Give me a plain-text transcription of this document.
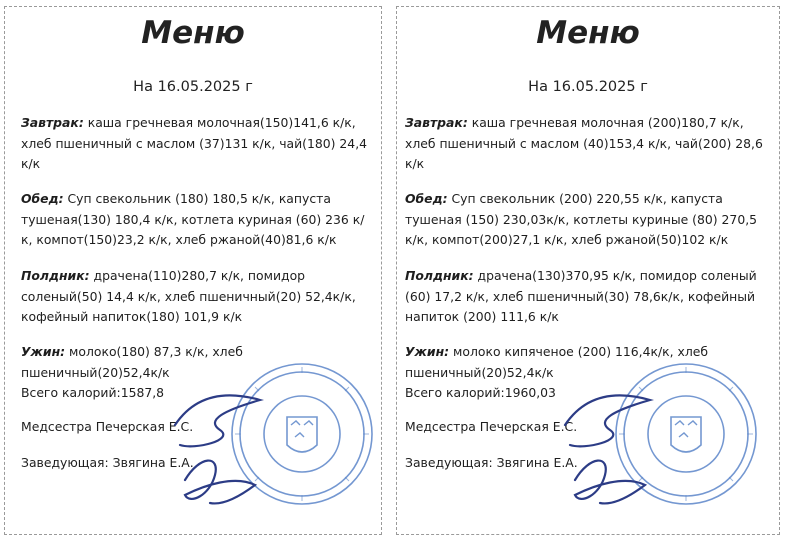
Меню
На 16.05.2025 г
Завтрак: каша гречневая молочная(150)141,6 к/к, хлеб пшеничный с маслом (37)131 к/к, чай(180) 24,4 к/к
Обед: Суп свекольник (180) 180,5 к/к, капуста тушеная(130) 180,4 к/к, котлета куриная (60) 236 к/к, компот(150)23,2 к/к, хлеб ржаной(40)81,6 к/к
Полдник: драчена(110)280,7 к/к, помидор соленый(50) 14,4 к/к, хлеб пшеничный(20) 52,4к/к, кофейный напиток(180) 101,9 к/к
Ужин: молоко(180) 87,3 к/к, хлеб пшеничный(20)52,4к/к
Всего калорий:1587,8
Медсестра Печерская Е.С.
Заведующая: Звягина Е.А.
Меню
На 16.05.2025 г
Завтрак: каша гречневая молочная (200)180,7 к/к, хлеб пшеничный с маслом (40)153,4 к/к, чай(200) 28,6 к/к
Обед: Суп свекольник (200) 220,55 к/к, капуста тушеная (150) 230,03к/к, котлеты куриные (80) 270,5 к/к, компот(200)27,1 к/к, хлеб ржаной(50)102 к/к
Полдник: драчена(130)370,95 к/к, помидор соленый (60) 17,2 к/к, хлеб пшеничный(30) 78,6к/к, кофейный напиток (200) 111,6 к/к
Ужин: молоко кипяченое (200) 116,4к/к, хлеб пшеничный(20)52,4к/к
Всего калорий:1960,03
Медсестра Печерская Е.С.
Заведующая: Звягина Е.А.
